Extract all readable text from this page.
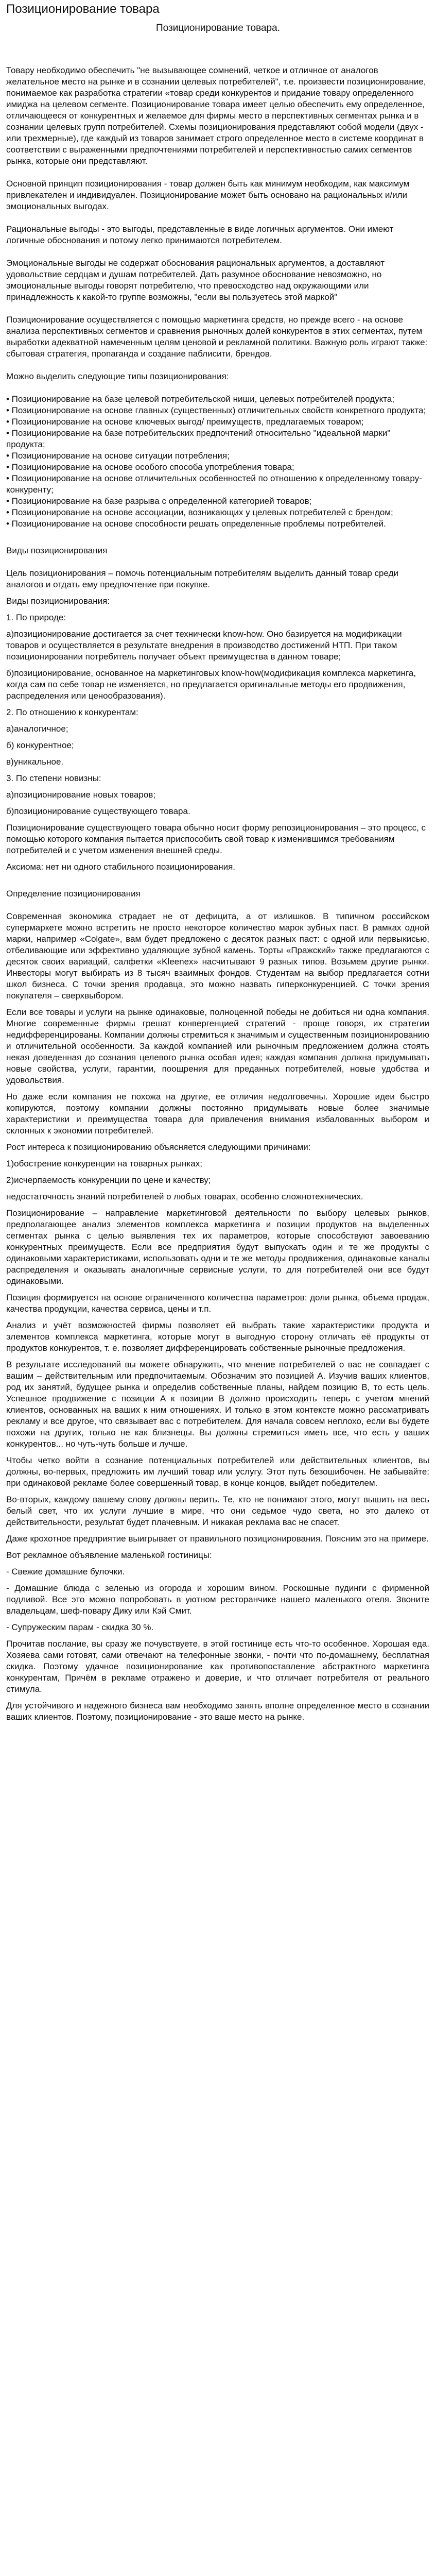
Позиционирование товара
Позиционирование товара.

Товару необходимо обеспечить "не вызывающее сомнений, четкое и отличное от аналогов желательное место на рынке и в сознании целевых потребителей", т.е. произвести позиционирование, понимаемое как разработка стратегии «товар среди конкурентов и придание товару определенного имиджа на целевом сегменте. Позиционирование товара имеет целью обеспечить ему определенное, отличающееся от конкурентных и желаемое для фирмы место в перспективных сегментах рынка и в сознании целевых групп потребителей. Схемы позиционирования представляют собой модели (двух - или трехмерные), где каждый из товаров занимает строго определенное место в системе координат в соответствии с выраженными предпочтениями потребителей и перспективностью самих сегментов рынка, которые они представляют.

Основной принцип позиционирования - товар должен быть как минимум необходим, как максимум привлекателен и индивидуален. Позиционирование может быть основано на рациональных и/или эмоциональных выгодах.

Рациональные выгоды - это выгоды, представленные в виде логичных аргументов. Они имеют логичные обоснования и потому легко принимаются потребителем.

Эмоциональные выгоды не содержат обоснования рациональных аргументов, а доставляют удовольствие сердцам и душам потребителей. Дать разумное обоснование невозможно, но эмоциональные выгоды говорят потребителю, что превосходство над окружающими или принадлежность к какой-то группе возможны, "если вы пользуетесь этой маркой"

Позиционирование осуществляется с помощью маркетинга средств, но прежде всего - на основе анализа перспективных сегментов и сравнения рыночных долей конкурентов в этих сегментах, путем выработки адекватной намеченным целям ценовой и рекламной политики. Важную роль играют также: сбытовая стратегия, пропаганда и создание паблисити, брендов.

Можно выделить следующие типы позиционирования:

• Позиционирование на базе целевой потребительской ниши, целевых потребителей продукта;
• Позиционирование на основе главных (существенных) отличительных свойств конкретного продукта;
• Позиционирование на основе ключевых выгод/ преимуществ, предлагаемых товаром;
• Позиционирование на базе потребительских предпочтений относительно "идеальной марки" продукта;
• Позиционирование на основе ситуации потребления;
• Позиционирование на основе особого способа употребления товара;
• Позиционирование на основе отличительных особенностей по отношению к определенному товару-конкуренту;
• Позиционирование на базе разрыва с определенной категорией товаров;
• Позиционирование на основе ассоциации, возникающих у целевых потребителей с брендом;
• Позиционирование на основе способности решать определенные проблемы потребителей.

Виды позиционирования

Цель позиционирования – помочь потенциальным потребителям выделить данный товар среди аналогов и отдать ему предпочтение при покупке.

Виды позиционирования:

1. По природе:

а)позиционирование достигается за счет технически know-how. Оно базируется на модификации товаров и осуществляется в результате внедрения в производство достижений НТП. При таком позиционировании потребитель получает объект преимущества в данном товаре;

б)позиционирование, основанное на маркетинговых know-how(модификация комплекса маркетинга, когда сам по себе товар не изменяется, но предлагается оригинальные методы его продвижения, распределения или ценообразования).

2. По отношению к конкурентам:

а)аналогичное;

б) конкурентное;

в)уникальное.

3. По степени новизны:

а)позиционирование новых товаров;

б)позиционирование существующего товара.

Позиционирование существующего товара обычно носит форму репозиционирования – это процесс, с помощью которого компания пытается приспособить свой товар к изменившимся требованиям потребителей и с учетом изменения внешней среды.

Аксиома: нет ни одного стабильного позиционирования.

Определение позиционирования

Современная экономика страдает не от дефицита, а от излишков. В типичном российском супермаркете можно встретить не просто некоторое количество марок зубных паст. В рамках одной марки, например «Colgate», вам будет предложено с десяток разных паст: с одной или первыкисью, отбеливающие или эффективно удаляющие зубной камень. Торты «Пражский» также предлагаются с десяток своих вариаций, салфетки «Kleenex» насчитывают 9 разных типов. Возьмем другие рынки. Инвесторы могут выбирать из 8 тысяч взаимных фондов. Студентам на выбор предлагается сотни школ бизнеса. С точки зрения продавца, это можно назвать гиперконкуренцией. С точки зрения покупателя – сверхвыбором.

Если все товары и услуги на рынке одинаковые, полноценной победы не добиться ни одна компания. Многие современные фирмы грешат конвергенцией стратегий - проще говоря, их стратегии недифференцированы. Компании должны стремиться к значимым и существенным позиционированию и отличительной особенности. За каждой компанией или рыночным предложением должна стоять некая доведенная до сознания целевого рынка особая идея; каждая компания должна придумывать новые свойства, услуги, гарантии, поощрения для преданных потребителей, новые удобства и удовольствия.

Но даже если компания не похожа на другие, ее отличия недолговечны. Хорошие идеи быстро копируются, поэтому компании должны постоянно придумывать новые более значимые характеристики и преимущества товара для привлечения внимания избалованных выбором и склонных к экономии потребителей.

Рост интереса к позиционированию объясняется следующими причинами:

1)обострение конкуренции на товарных рынках;

2)исчерпаемость конкуренции по цене и качеству;

недостаточность знаний потребителей о любых товарах, особенно сложнотехнических.

Позиционирование – направление маркетинговой деятельности по выбору целевых рынков, предполагающее анализ элементов комплекса маркетинга и позиции продуктов на выделенных сегментах рынка с целью выявления тех их параметров, которые способствуют завоеванию конкурентных преимуществ. Если все предприятия будут выпускать один и те же продукты с одинаковыми характеристиками, использовать одни и те же методы продвижения, одинаковые каналы распределения и оказывать аналогичные сервисные услуги, то для потребителей они все будут одинаковыми.

Позиция формируется на основе ограниченного количества параметров: доли рынка, объема продаж, качества продукции, качества сервиса, цены и т.п.

Анализ и учёт возможностей фирмы позволяет ей выбрать такие характеристики продукта и элементов комплекса маркетинга, которые могут в выгодную сторону отличать её продукты от продуктов конкурентов, т. е. позволяет дифференцировать собственные рыночные предложения.

В результате исследований вы можете обнаружить, что мнение потребителей о вас не совпадает с вашим – действительным или предпочитаемым. Обозначим это позицией A. Изучив ваших клиентов, род их занятий, будущее рынка и определив собственные планы, найдем позицию B, то есть цель. Успешное продвижение с позиции A к позиции B должно происходить теперь с учетом мнений клиентов, основанных на ваших к ним отношениях. И только в этом контексте можно рассматривать рекламу и все другое, что связывает вас с потребителем. Для начала совсем неплохо, если вы будете похожи на других, только не как близнецы. Вы должны стремиться иметь все, что есть у ваших конкурентов... но чуть-чуть больше и лучше.

Чтобы четко войти в сознание потенциальных потребителей или действительных клиентов, вы должны, во-первых, предложить им лучший товар или услугу. Этот путь безошибочен. Не забывайте: при одинаковой рекламе более совершенный товар, в конце концов, выйдет победителем.

Во-вторых, каждому вашему слову должны верить. Те, кто не понимают этого, могут вышить на весь белый свет, что их услуги лучшие в мире, что они седьмое чудо света, но это далеко от действительности, результат будет плачевным. И никакая реклама вас не спасет.

Даже крохотное предприятие выигрывает от правильного позиционирования. Поясним это на примере.

Вот рекламное объявление маленькой гостиницы:

- Свежие домашние булочки.

- Домашние блюда с зеленью из огорода и хорошим вином. Роскошные пудинги с фирменной подливой. Все это можно попробовать в уютном ресторанчике нашего маленького отеля. Звоните владельцам, шеф-повару Дику или Кэй Смит.

- Супружеским парам - скидка 30 %.

Прочитав послание, вы сразу же почувствуете, в этой гостинице есть что-то особенное. Хорошая еда. Хозяева сами готовят, сами отвечают на телефонные звонки, - почти что по-домашнему, бесплатная скидка. Поэтому удачное позиционирование как противопоставление абстрактного маркетинга конкурентам, Причём в рекламе отражено и доверие, и что отличает потребителя от реального стимула.

Для устойчивого и надежного бизнеса вам необходимо занять вполне определенное место в сознании ваших клиентов. Поэтому, позиционирование - это ваше место на рынке.
